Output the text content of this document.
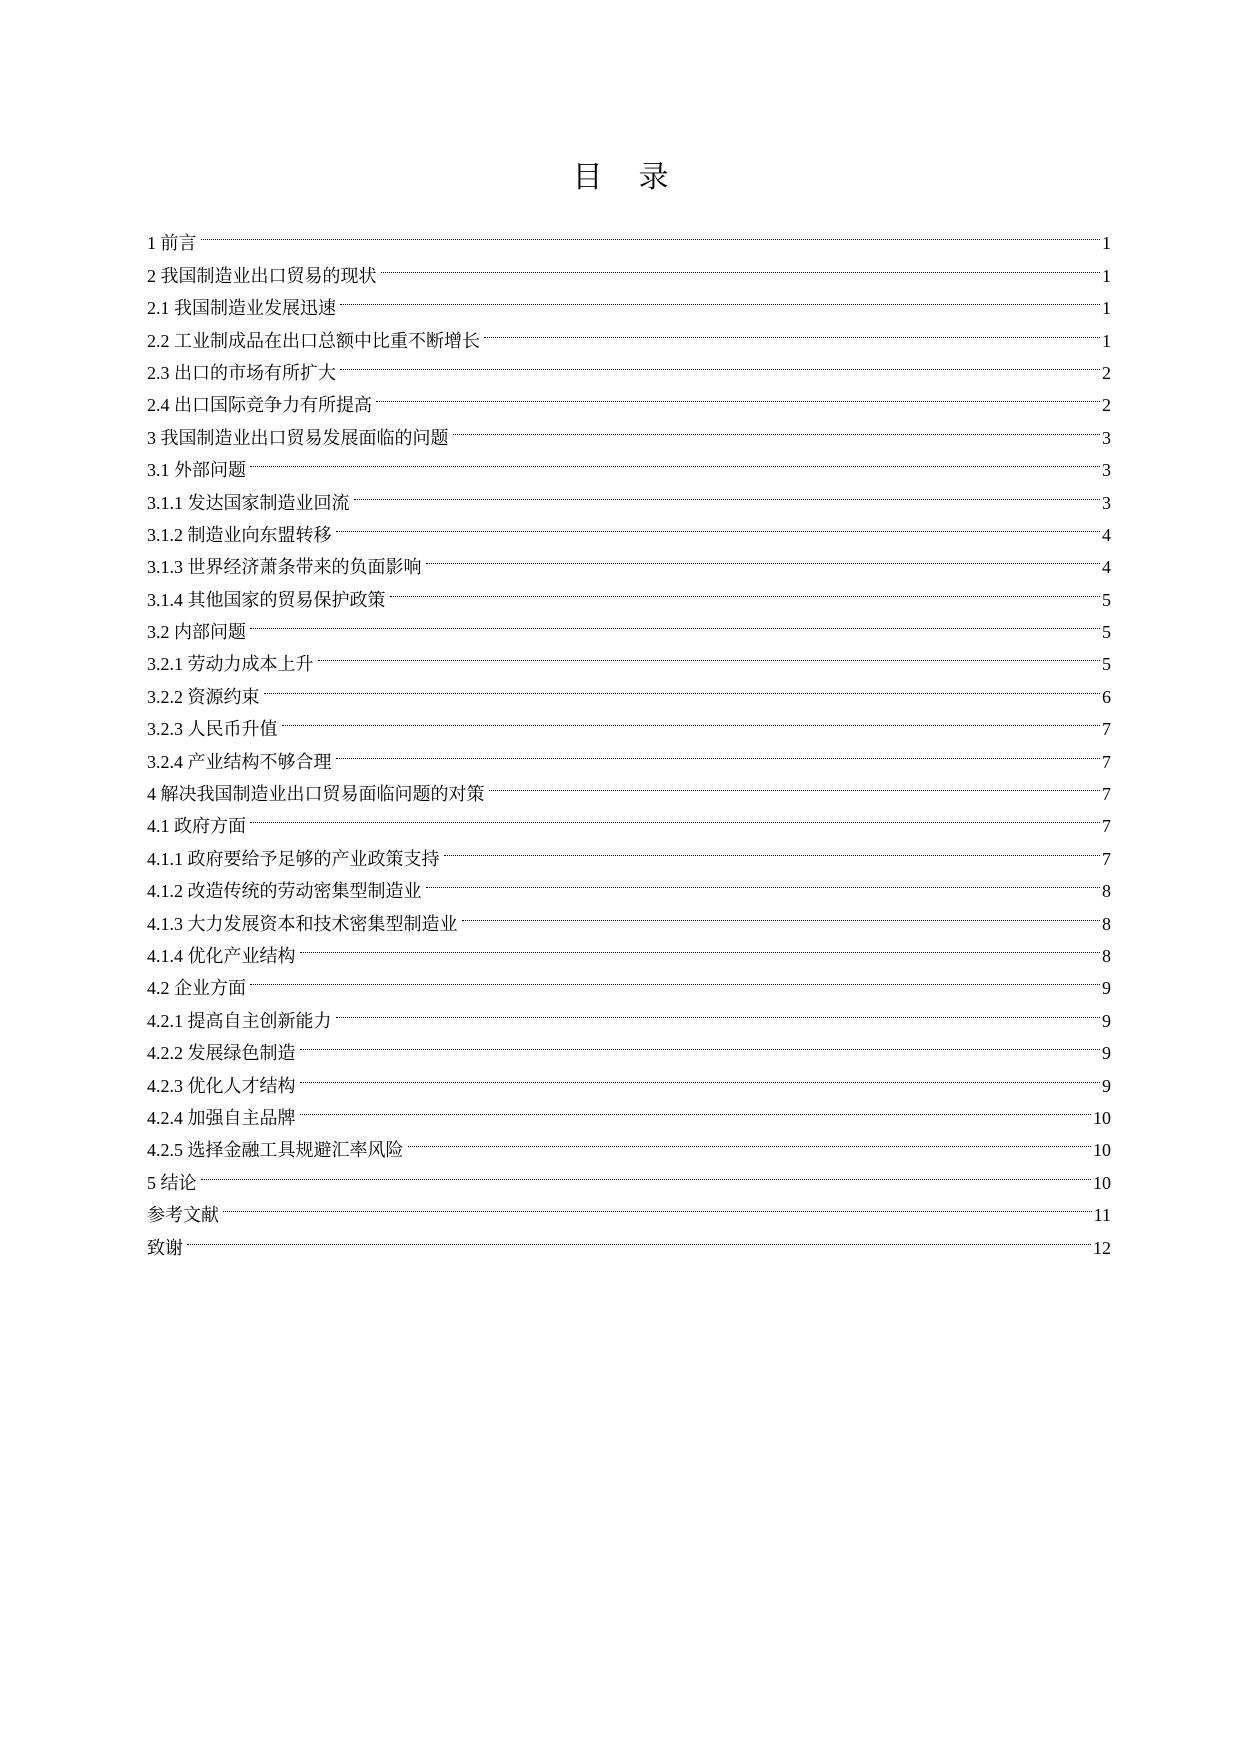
目 录
1 前言	1
2 我国制造业出口贸易的现状	1
2.1 我国制造业发展迅速	1
2.2 工业制成品在出口总额中比重不断增长	1
2.3 出口的市场有所扩大	2
2.4 出口国际竞争力有所提高	2
3 我国制造业出口贸易发展面临的问题	3
3.1 外部问题	3
3.1.1 发达国家制造业回流	3
3.1.2 制造业向东盟转移	4
3.1.3 世界经济萧条带来的负面影响	4
3.1.4 其他国家的贸易保护政策	5
3.2 内部问题	5
3.2.1 劳动力成本上升	5
3.2.2 资源约束	6
3.2.3 人民币升值	7
3.2.4 产业结构不够合理	7
4 解决我国制造业出口贸易面临问题的对策	7
4.1 政府方面	7
4.1.1 政府要给予足够的产业政策支持	7
4.1.2 改造传统的劳动密集型制造业	8
4.1.3 大力发展资本和技术密集型制造业	8
4.1.4 优化产业结构	8
4.2 企业方面	9
4.2.1 提高自主创新能力	9
4.2.2 发展绿色制造	9
4.2.3 优化人才结构	9
4.2.4 加强自主品牌	10
4.2.5 选择金融工具规避汇率风险	10
5 结论	10
参考文献	11
致谢	12
